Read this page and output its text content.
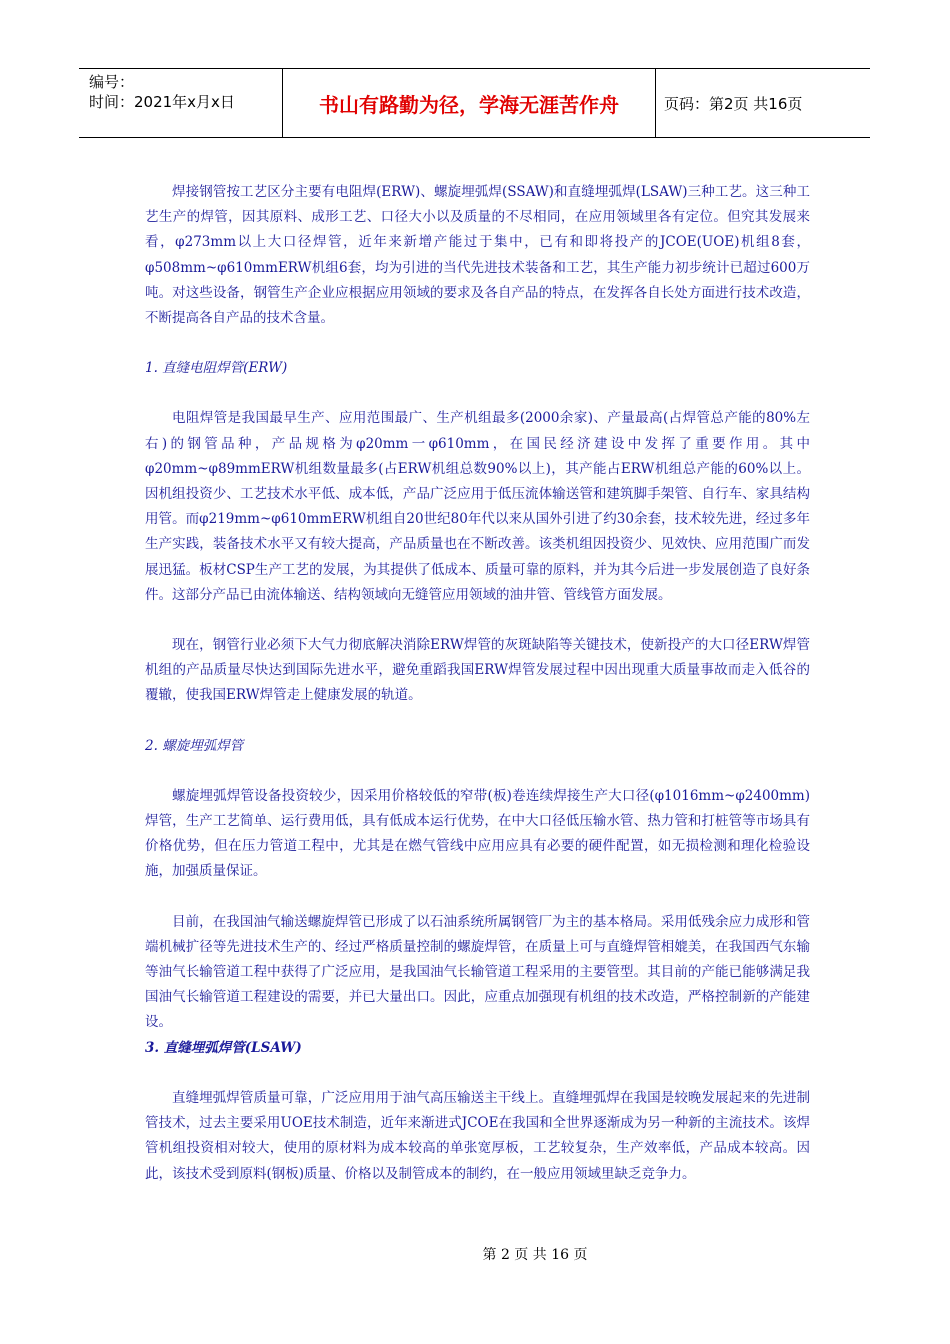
编号：
时间：2021年x月x日	书山有路勤为径，学海无涯苦作舟	页码：第2页 共16页

焊接钢管按工艺区分主要有电阻焊(ERW)、螺旋埋弧焊(SSAW)和直缝埋弧焊(LSAW)三种工艺。这三种工艺生产的焊管，因其原料、成形工艺、口径大小以及质量的不尽相同，在应用领域里各有定位。但究其发展来看，φ273mm以上大口径焊管，近年来新增产能过于集中，已有和即将投产的JCOE(UOE)机组8套，φ508mm~φ610mmERW机组6套，均为引进的当代先进技术装备和工艺，其生产能力初步统计已超过600万吨。对这些设备，钢管生产企业应根据应用领域的要求及各自产品的特点，在发挥各自长处方面进行技术改造，不断提高各自产品的技术含量。

1. 直缝电阻焊管(ERW)

电阻焊管是我国最早生产、应用范围最广、生产机组最多(2000余家)、产量最高(占焊管总产能的80%左右)的钢管品种，产品规格为φ20mm一φ610mm，在国民经济建设中发挥了重要作用。其中φ20mm~φ89mmERW机组数量最多(占ERW机组总数90%以上)，其产能占ERW机组总产能的60%以上。因机组投资少、工艺技术水平低、成本低，产品广泛应用于低压流体输送管和建筑脚手架管、自行车、家具结构用管。而φ219mm~φ610mmERW机组自20世纪80年代以来从国外引进了约30余套，技术较先进，经过多年生产实践，装备技术水平又有较大提高，产品质量也在不断改善。该类机组因投资少、见效快、应用范围广而发展迅猛。板材CSP生产工艺的发展，为其提供了低成本、质量可靠的原料，并为其今后进一步发展创造了良好条件。这部分产品已由流体输送、结构领域向无缝管应用领域的油井管、管线管方面发展。

现在，钢管行业必须下大气力彻底解决消除ERW焊管的灰斑缺陷等关键技术，使新投产的大口径ERW焊管机组的产品质量尽快达到国际先进水平，避免重蹈我国ERW焊管发展过程中因出现重大质量事故而走入低谷的覆辙，使我国ERW焊管走上健康发展的轨道。

2. 螺旋埋弧焊管

螺旋埋弧焊管设备投资较少，因采用价格较低的窄带(板)卷连续焊接生产大口径(φ1016mm~φ2400mm)焊管，生产工艺简单、运行费用低，具有低成本运行优势，在中大口径低压输水管、热力管和打桩管等市场具有价格优势，但在压力管道工程中，尤其是在燃气管线中应用应具有必要的硬件配置，如无损检测和理化检验设施，加强质量保证。

目前，在我国油气输送螺旋焊管已形成了以石油系统所属钢管厂为主的基本格局。采用低残余应力成形和管端机械扩径等先进技术生产的、经过严格质量控制的螺旋焊管，在质量上可与直缝焊管相媲美，在我国西气东输等油气长输管道工程中获得了广泛应用，是我国油气长输管道工程采用的主要管型。其目前的产能已能够满足我国油气长输管道工程建设的需要，并已大量出口。因此，应重点加强现有机组的技术改造，严格控制新的产能建设。

3. 直缝埋弧焊管(LSAW)

直缝埋弧焊管质量可靠，广泛应用用于油气高压输送主干线上。直缝埋弧焊在我国是较晚发展起来的先进制管技术，过去主要采用UOE技术制造，近年来渐进式JCOE在我国和全世界逐渐成为另一种新的主流技术。该焊管机组投资相对较大，使用的原材料为成本较高的单张宽厚板，工艺较复杂，生产效率低，产品成本较高。因此，该技术受到原料(钢板)质量、价格以及制管成本的制约，在一般应用领域里缺乏竞争力。

第 2 页 共 16 页
